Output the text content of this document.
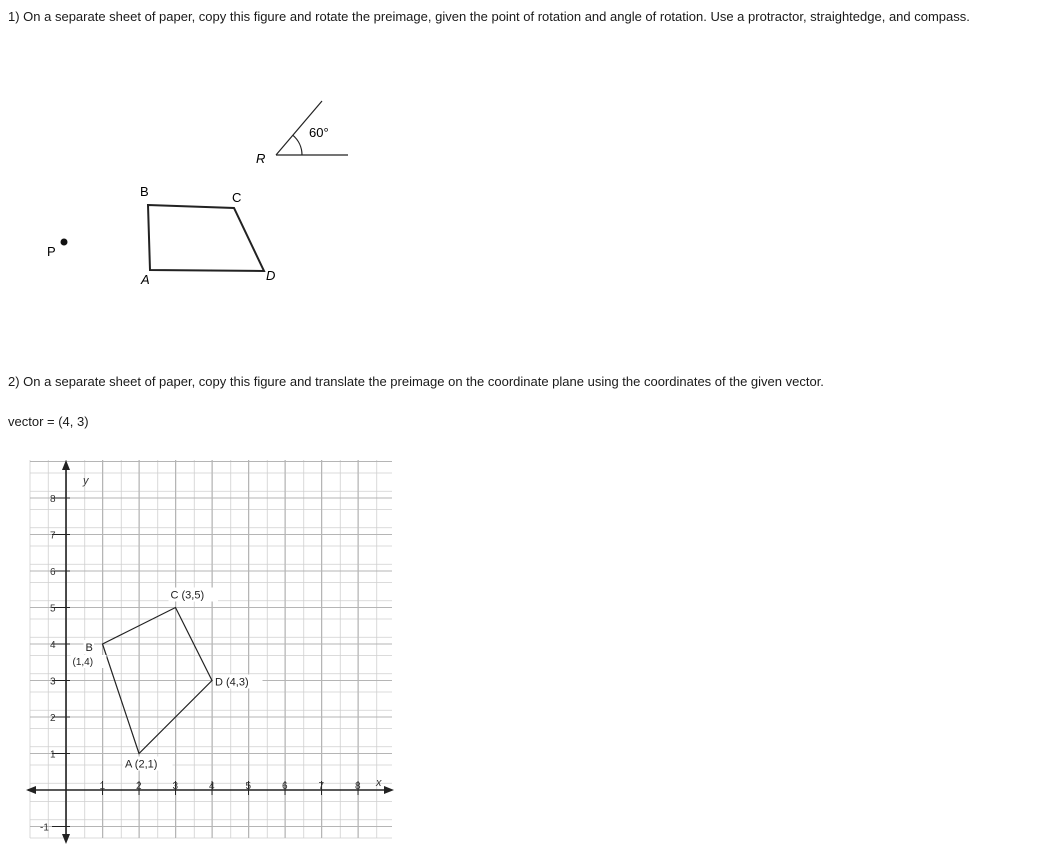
1) On a separate sheet of paper, copy this figure and rotate the preimage, given the point of rotation and angle of rotation. Use a protractor, straightedge, and compass.
P
B	C
A	D
R
60°
2) On a separate sheet of paper, copy this figure and translate the preimage on the coordinate plane using the coordinates of the given vector.
vector = (4, 3)
x
y
1	2	3	4	5	6	7	8
-1
1
2
3
4
5
6
7
8
A (2,1)
B
(1,4)
C (3,5)
D (4,3)
